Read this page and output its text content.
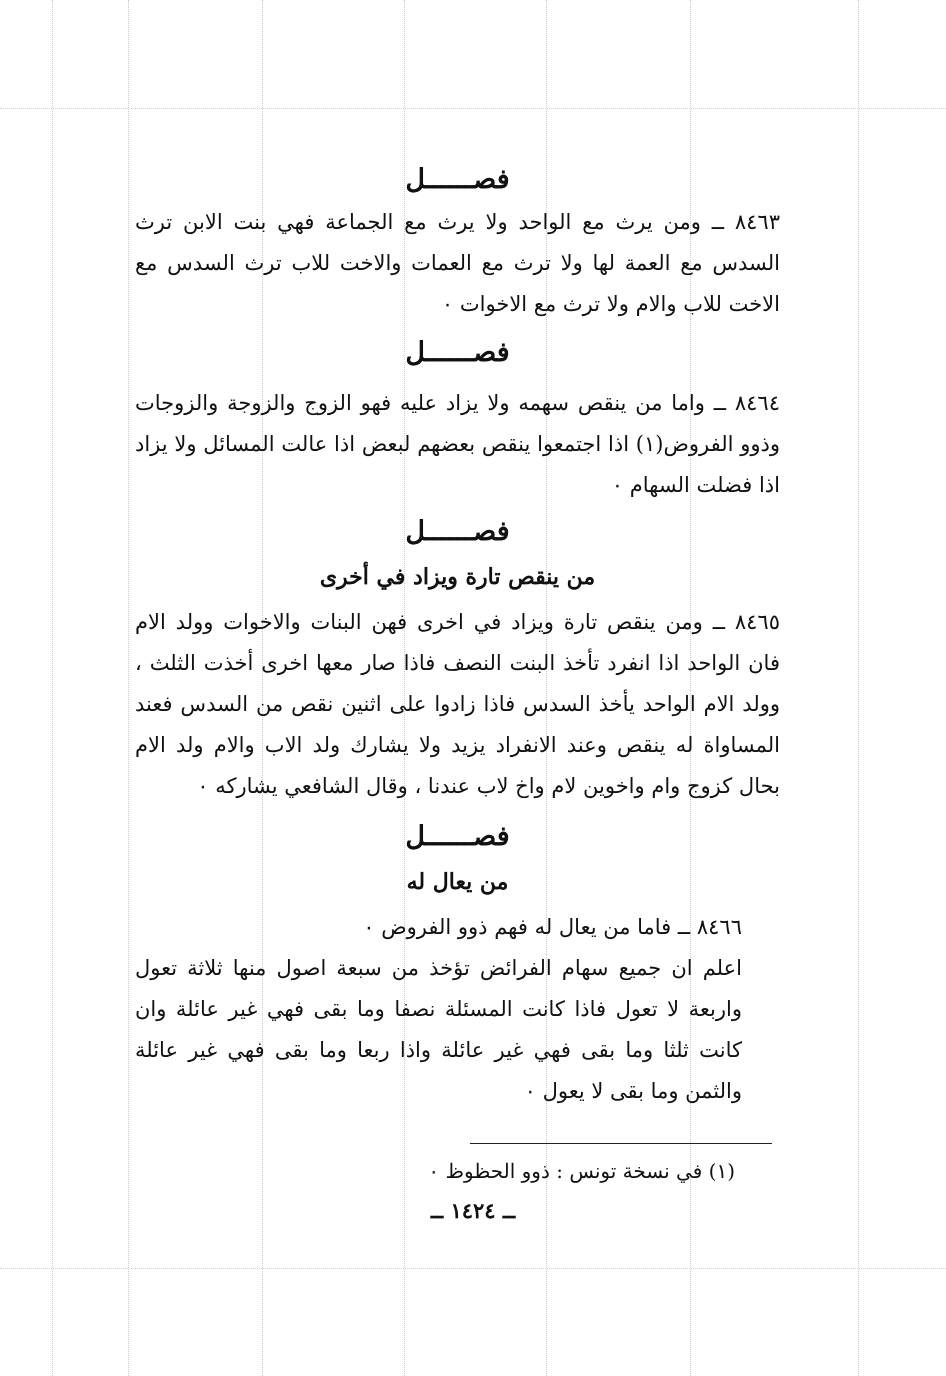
فصــــــل

٨٤٦٣ ــ ومن يرث مع الواحد ولا يرث مع الجماعة فهي بنت الابن ترث السدس مع العمة لها ولا ترث مع العمات والاخت للاب ترث السدس مع الاخت للاب والام ولا ترث مع الاخوات ٠

فصــــــل

٨٤٦٤ ــ واما من ينقص سهمه ولا يزاد عليه فهو الزوج والزوجة والزوجات وذوو الفروض(١) اذا اجتمعوا ينقص بعضهم لبعض اذا عالت المسائل ولا يزاد اذا فضلت السهام ٠

فصــــــل
من ينقص تارة ويزاد في أخرى

٨٤٦٥ ــ ومن ينقص تارة ويزاد في اخرى فهن البنات والاخوات وولد الام فان الواحد اذا انفرد تأخذ البنت النصف فاذا صار معها اخرى أخذت الثلث ، وولد الام الواحد يأخذ السدس فاذا زادوا على اثنين نقص من السدس فعند المساواة له ينقص وعند الانفراد يزيد ولا يشارك ولد الاب والام ولد الام بحال كزوج وام واخوين لام واخ لاب عندنا ، وقال الشافعي يشاركه ٠

فصــــــل
من يعال له

٨٤٦٦ ــ فاما من يعال له فهم ذوو الفروض ٠

اعلم ان جميع سهام الفرائض تؤخذ من سبعة اصول منها ثلاثة تعول واربعة لا تعول فاذا كانت المسئلة نصفا وما بقى فهي غير عائلة وان كانت ثلثا وما بقى فهي غير عائلة واذا ربعا وما بقى فهي غير عائلة والثمن وما بقى لا يعول ٠

(١) في نسخة تونس : ذوو الحظوظ ٠
ــ ١٤٢٤ ــ
